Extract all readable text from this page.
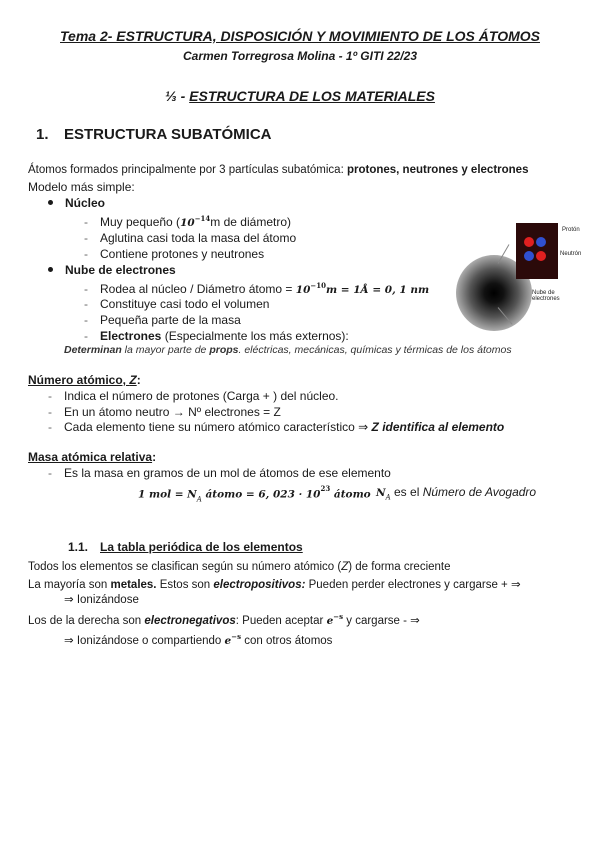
Tema 2- ESTRUCTURA, DISPOSICIÓN Y MOVIMIENTO DE LOS ÁTOMOS
Carmen Torregrosa Molina - 1º GITI 22/23
⅓ - ESTRUCTURA DE LOS MATERIALES
1. ESTRUCTURA SUBATÓMICA
Átomos formados principalmente por 3 partículas subatómica: protones, neutrones y electrones
Modelo más simple:
Núcleo
- Muy pequeño ($10^{-14}m$ de diámetro)
- Aglutina casi toda la masa del átomo
- Contiene protones y neutrones
Nube de electrones
- Rodea al núcleo / Diámetro átomo = $10^{-10}m$ = 1Å = 0, 1 nm
- Constituye casi todo el volumen
- Pequeña parte de la masa
- Electrones (Especialmente los más externos):
Determinan la mayor parte de props. eléctricas, mecánicas, químicas y térmicas de los átomos
Protón
Neutrón
Nube de electrones
Número atómico, Z:
- Indica el número de protones (Carga + ) del núcleo.
- En un átomo neutro → Nº electrones = Z
- Cada elemento tiene su número atómico característico ⇒ Z identifica al elemento
Masa atómica relativa:
- Es la masa en gramos de un mol de átomos de ese elemento
1 mol = $N_A$ átomo = 6, $023 \cdot 10^{23}$ átomo $N_A$ es el Número de Avogadro
1.1. La tabla periódica de los elementos
Todos los elementos se clasifican según su número atómico (Z) de forma creciente
La mayoría son metales. Estos son electropositivos: Pueden perder electrones y cargarse + ⇒
⇒ Ionizándose
Los de la derecha son electronegativos: Pueden aceptar $e^{-s}$ y cargarse - ⇒
⇒ Ionizándose o compartiendo $e^{-s}$ con otros átomos
